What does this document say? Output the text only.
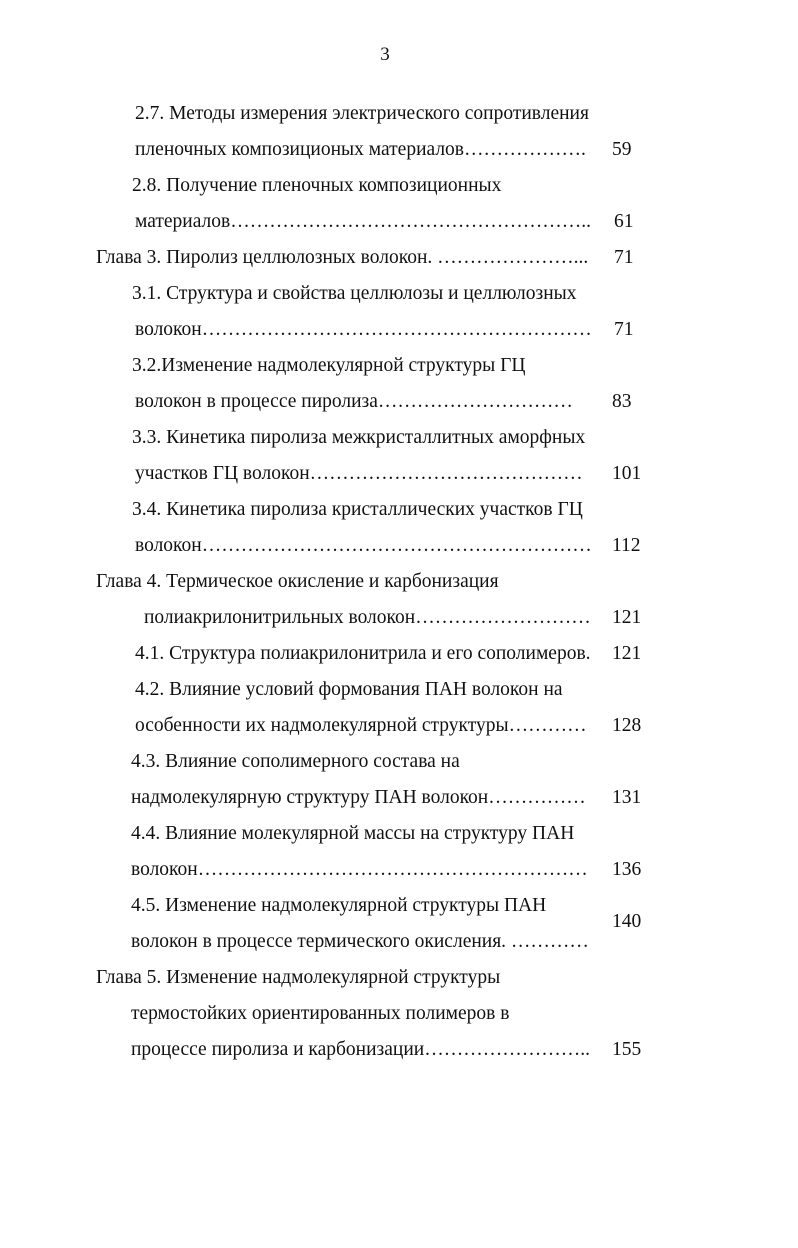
3
2.7. Методы измерения электрического сопротивления
пленочных композиционых материалов………………. 59
2.8. Получение пленочных композиционных
материалов……………………………………………….. 61
Глава 3. Пиролиз целлюлозных волокон. …………………... 71
3.1. Структура и свойства целлюлозы и целлюлозных
волокон…………………………………………………… 71
3.2.Изменение надмолекулярной структуры ГЦ
волокон в процессе пиролиза………………………… 83
3.3. Кинетика пиролиза межкристаллитных аморфных
участков ГЦ волокон…………………………………… 101
3.4. Кинетика пиролиза кристаллических участков ГЦ
волокон…………………………………………………… 112
Глава 4. Термическое окисление и карбонизация
полиакрилонитрильных волокон……………………… 121
4.1. Структура полиакрилонитрила и его сополимеров. 121
4.2. Влияние условий формования ПАН волокон на
особенности их надмолекулярной структуры………… 128
4.3. Влияние сополимерного состава на
надмолекулярную структуру ПАН волокон…………… 131
4.4. Влияние молекулярной массы на структуру ПАН
волокон…………………………………………………… 136
4.5. Изменение надмолекулярной структуры ПАН
волокон в процессе термического окисления. …………
140
Глава 5. Изменение надмолекулярной структуры
термостойких ориентированных полимеров в
процессе пиролиза и карбонизации…………………….. 155
